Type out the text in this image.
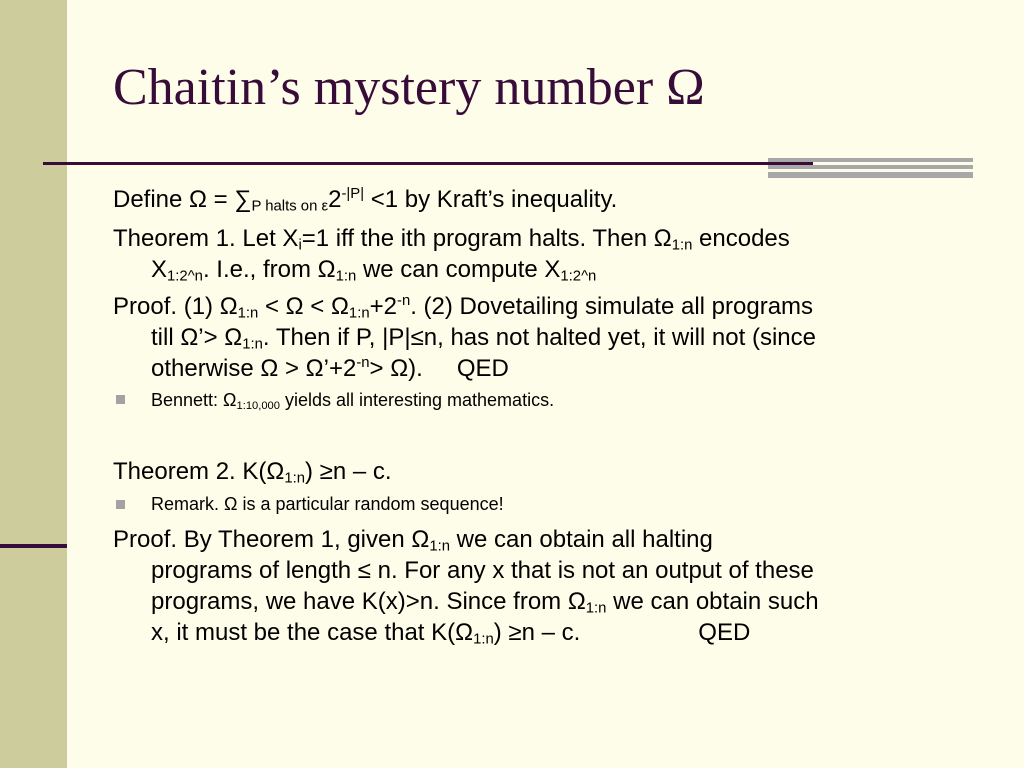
Chaitin’s mystery number Ω
Define $\Omega = \sum_{P halts on \varepsilon}2^{-|P|} <1$ by Kraft’s inequality.
Theorem 1. Let $X_i=1$ iff the ith program halts. Then $\Omega_{1:n}$ encodes
$X_{1:2\^{}n}$. I.e., from $\Omega_{1:n}$ we can compute $X_{1:2\^{}n}$
Proof. (1) $\Omega_{1:n} < \Omega < \Omega_{1:n}+2^{-n}$. (2) Dovetailing simulate all programs
till Ω’> $\Omega_{1:n}$. Then if P, |P|≤n, has not halted yet, it will not (since
otherwise $\Omega > \Omega’+2^{-n}> \Omega$). QED
Bennett: $\Omega_{1:10,000}$ yields all interesting mathematics.
Theorem 2. $K(\Omega_{1:n}) \ge n - c$.
Remark. Ω is a particular random sequence!
Proof. By Theorem 1, given $\Omega_{1:n}$ we can obtain all halting
programs of length ≤ n. For any x that is not an output of these
programs, we have K(x)>n. Since from $\Omega_{1:n}$ we can obtain such
x, it must be the case that $K(\Omega_{1:n}) \ge n - c$.	QED
